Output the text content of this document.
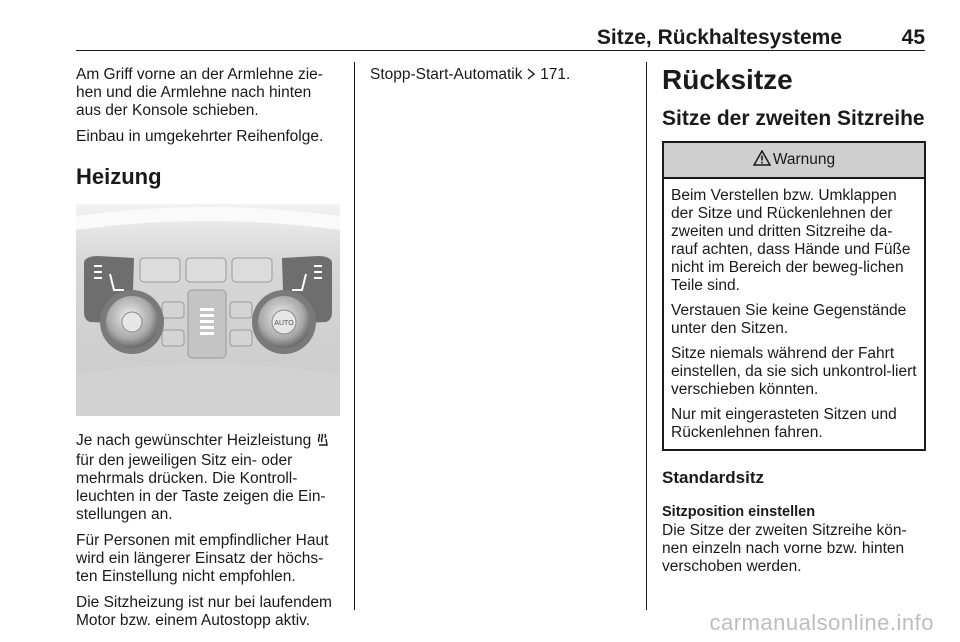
Sitze, Rückhaltesysteme	45

Am Griff vorne an der Armlehne zie-hen und die Armlehne nach hinten aus der Konsole schieben.

Einbau in umgekehrter Reihenfolge.

Heizung
AUTO

Je nach gewünschter Heizleistung  für den jeweiligen Sitz ein- oder mehrmals drücken. Die Kontroll-leuchten in der Taste zeigen die Ein-stellungen an.

Für Personen mit empfindlicher Haut wird ein längerer Einsatz der höchs-ten Einstellung nicht empfohlen.

Die Sitzheizung ist nur bei laufendem Motor bzw. einem Autostopp aktiv.

Stopp-Start-Automatik  171.	Rücksitze
Sitze der zweiten Sitzreihe
Warnung

Beim Verstellen bzw. Umklappen der Sitze und Rückenlehnen der zweiten und dritten Sitzreihe da-rauf achten, dass Hände und Füße nicht im Bereich der beweg-lichen Teile sind.

Verstauen Sie keine Gegenstände unter den Sitzen.

Sitze niemals während der Fahrt einstellen, da sie sich unkontrol-liert verschieben könnten.

Nur mit eingerasteten Sitzen und Rückenlehnen fahren.

Standardsitz
Sitzposition einstellen

Die Sitze der zweiten Sitzreihe kön-nen einzeln nach vorne bzw. hinten verschoben werden.

carmanualsonline.info
